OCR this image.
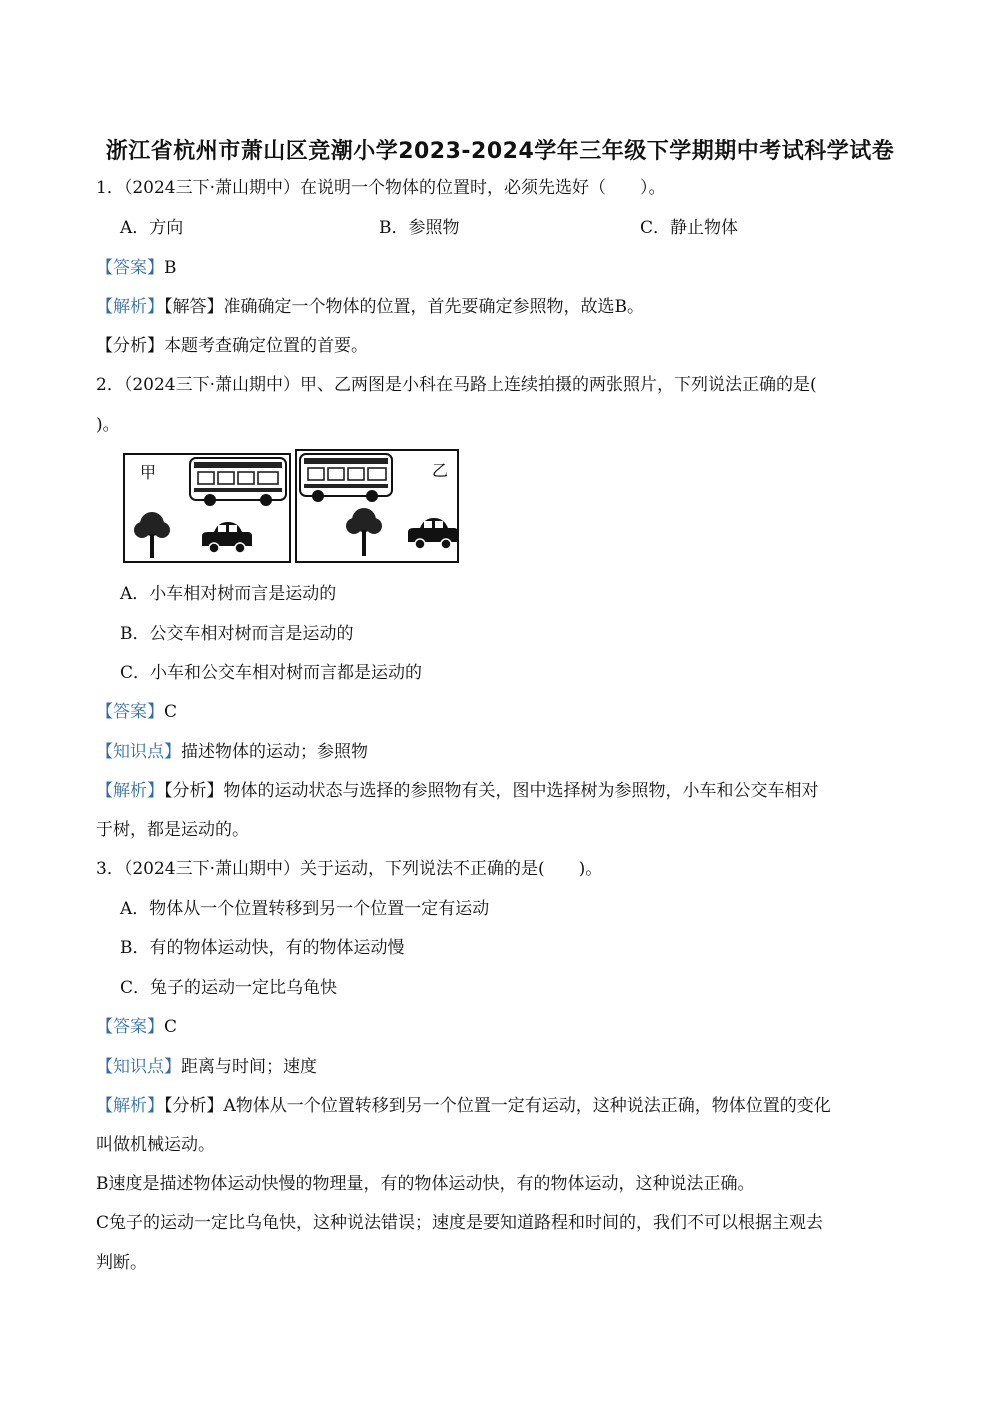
浙江省杭州市萧山区竞潮小学2023-2024学年三年级下学期期中考试科学试卷
1．（2024三下·萧山期中）在说明一个物体的位置时，必须先选好（　　）。
A．方向	B．参照物	C．静止物体
【答案】B
【解析】【解答】准确确定一个物体的位置，首先要确定参照物，故选B。
【分析】本题考查确定位置的首要。
2．（2024三下·萧山期中）甲、乙两图是小科在马路上连续拍摄的两张照片，下列说法正确的是(
)。
甲	乙
A．小车相对树而言是运动的
B．公交车相对树而言是运动的
C．小车和公交车相对树而言都是运动的
【答案】C
【知识点】描述物体的运动；参照物
【解析】【分析】物体的运动状态与选择的参照物有关，图中选择树为参照物，小车和公交车相对
于树，都是运动的。
3．（2024三下·萧山期中）关于运动，下列说法不正确的是(　　)。
A．物体从一个位置转移到另一个位置一定有运动
B．有的物体运动快，有的物体运动慢
C．兔子的运动一定比乌龟快
【答案】C
【知识点】距离与时间；速度
【解析】【分析】A物体从一个位置转移到另一个位置一定有运动，这种说法正确，物体位置的变化
叫做机械运动。
B速度是描述物体运动快慢的物理量，有的物体运动快，有的物体运动，这种说法正确。
C兔子的运动一定比乌龟快，这种说法错误；速度是要知道路程和时间的，我们不可以根据主观去
判断。
